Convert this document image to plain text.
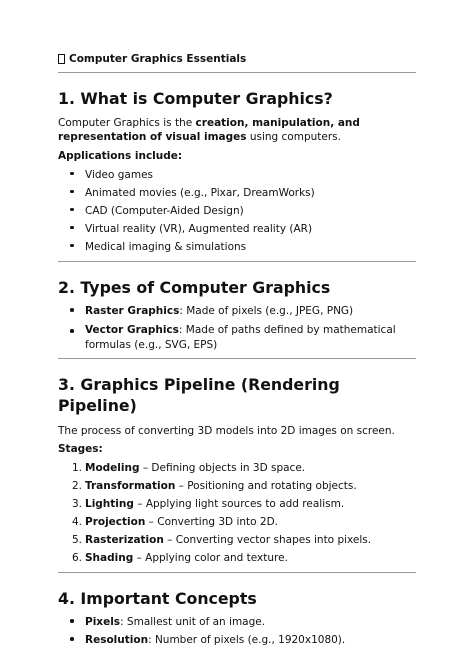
Computer Graphics Essentials
1. What is Computer Graphics?

Computer Graphics is the creation, manipulation, and representation of visual images using computers.

Applications include:

Video games
Animated movies (e.g., Pixar, DreamWorks)
CAD (Computer-Aided Design)
Virtual reality (VR), Augmented reality (AR)
Medical imaging & simulations
2. Types of Computer Graphics
Raster Graphics: Made of pixels (e.g., JPEG, PNG)
Vector Graphics: Made of paths defined by mathematical formulas (e.g., SVG, EPS)
3. Graphics Pipeline (Rendering Pipeline)

The process of converting 3D models into 2D images on screen.

Stages:

1. Modeling – Defining objects in 3D space.
2. Transformation – Positioning and rotating objects.
3. Lighting – Applying light sources to add realism.
4. Projection – Converting 3D into 2D.
5. Rasterization – Converting vector shapes into pixels.
6. Shading – Applying color and texture.
4. Important Concepts
Pixels: Smallest unit of an image.
Resolution: Number of pixels (e.g., 1920x1080).
